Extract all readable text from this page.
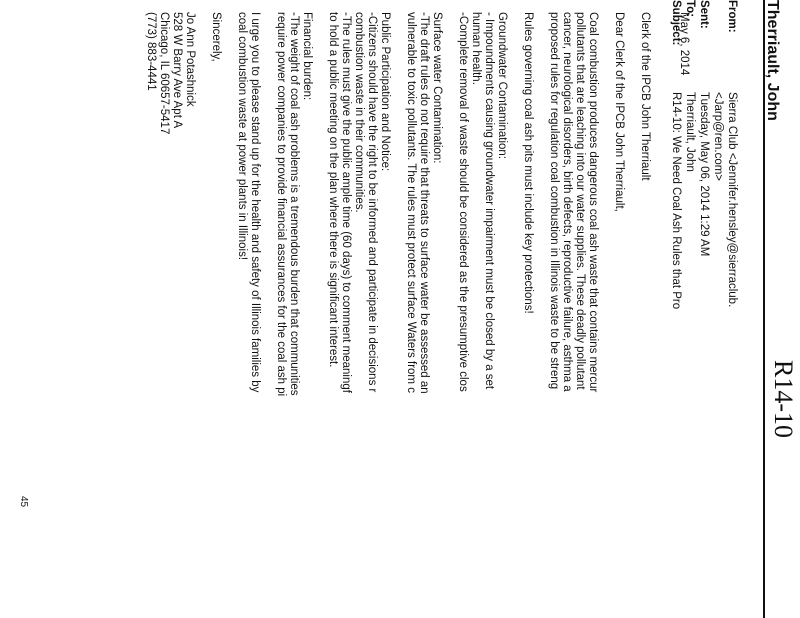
R14-10
Therriault, John
From:
Sierra Club <Jennifer.hensley@sierraclub.
<Jarp@ren.com>
Sent:
Tuesday, May 06, 2014 1:29 AM
To:
Therriault, John
Subject:
R14-10: We Need Coal Ash Rules that Pro

May 6, 2014

Clerk of the IPCB John Therriault

Dear Clerk of the IPCB John Therriault,

Coal combustion produces dangerous coal ash waste that contains mercur

pollutants that are leaching into our water supplies. These deadly pollutant

cancer, neurological disorders, birth defects, reproductive failure, asthma a

proposed rules for regulation coal combustion in Illinois waste to be streng

Rules governing coal ash pits must include key protections!

Groundwater Contamination:

- Impoundments causing groundwater impairment must be closed by a set

human health.

-Complete removal of waste should be considered as the presumptive clos

Surface water Contamination:

-The draft rules do not require that threats to surface water be assessed an

vulnerable to toxic pollutants. The rules must protect surface Waters from c

Public Participation and Notice:

-Citizens should have the right to be informed and participate in decisions r

combustion waste in their communities.

-The rules must give the public ample time (60 days) to comment meaningf

to hold a public meeting on the plan where there is significant interest.

Financial burden:

-The weight of coal ash problems is a tremendous burden that communities

require power companies to provide financial assurances for the coal ash pi

I urge you to please stand up for the health and safety of Illinois families by

coal combustion waste at power plants in Illinois!

Sincerely,

Jo Ann Potashnick

528 W Barry Ave Apt A

Chicago, IL 60657-5417

(773) 883-4441

45
